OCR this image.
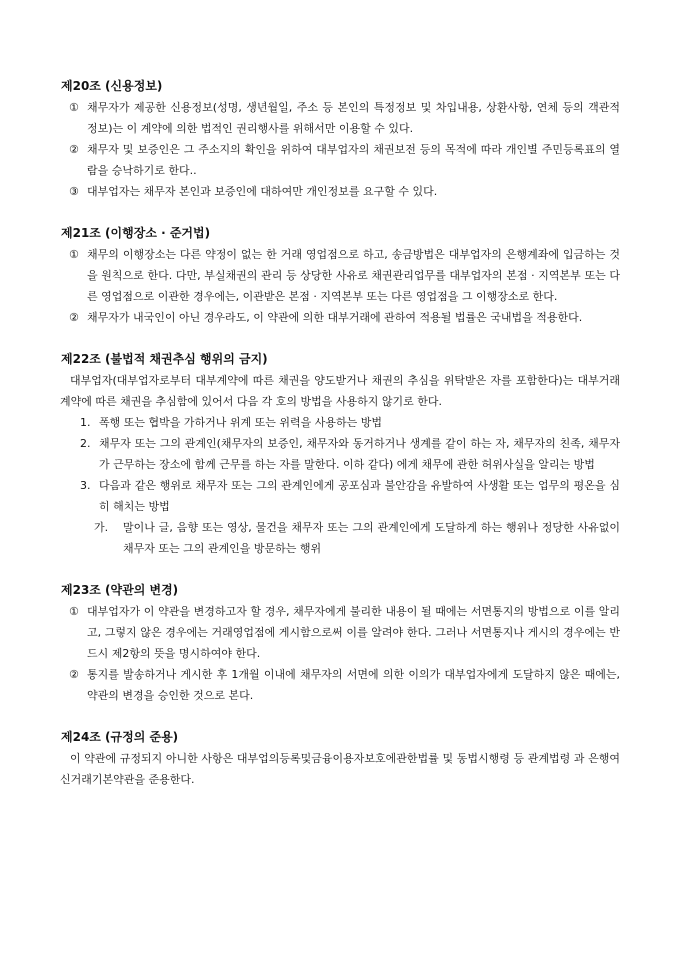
제20조 (신용정보)
① 채무자가 제공한 신용정보(성명, 생년월일, 주소 등 본인의 특정정보 및 차입내용, 상환사항, 연체 등의 객관적 정보)는 이 계약에 의한 법적인 권리행사를 위해서만 이용할 수 있다.
② 채무자 및 보증인은 그 주소지의 확인을 위하여 대부업자의 채권보전 등의 목적에 따라 개인별 주민등록표의 열람을 승낙하기로 한다..
③ 대부업자는 채무자 본인과 보증인에 대하여만 개인정보를 요구할 수 있다.
제21조 (이행장소 · 준거법)
① 채무의 이행장소는 다른 약정이 없는 한 거래 영업점으로 하고, 송금방법은 대부업자의 은행계좌에 입금하는 것을 원칙으로 한다. 다만, 부실채권의 관리 등 상당한 사유로 채권관리업무를 대부업자의 본점 · 지역본부 또는 다른 영업점으로 이관한 경우에는, 이관받은 본점 · 지역본부 또는 다른 영업점을 그 이행장소로 한다.
② 채무자가 내국인이 아닌 경우라도, 이 약관에 의한 대부거래에 관하여 적용될 법률은 국내법을 적용한다.
제22조 (불법적 채권추심 행위의 금지)

대부업자(대부업자로부터 대부계약에 따른 채권을 양도받거나 채권의 추심을 위탁받은 자를 포함한다)는 대부거래 계약에 따른 채권을 추심함에 있어서 다음 각 호의 방법을 사용하지 않기로 한다.

1. 폭행 또는 협박을 가하거나 위계 또는 위력을 사용하는 방법
2. 채무자 또는 그의 관계인(채무자의 보증인, 채무자와 동거하거나 생계를 같이 하는 자, 채무자의 친족, 채무자가 근무하는 장소에 함께 근무를 하는 자를 말한다. 이하 같다) 에게 채무에 관한 허위사실을 알리는 방법
3. 다음과 같은 행위로 채무자 또는 그의 관계인에게 공포심과 불안감을 유발하여 사생활 또는 업무의 평온을 심히 해치는 방법
가.	말이나 글, 음향 또는 영상, 물건을 채무자 또는 그의 관계인에게 도달하게 하는 행위나 정당한 사유없이 채무자 또는 그의 관계인을 방문하는 행위
제23조 (약관의 변경)
① 대부업자가 이 약관을 변경하고자 할 경우, 채무자에게 불리한 내용이 될 때에는 서면통지의 방법으로 이를 알리고, 그렇지 않은 경우에는 거래영업점에 게시함으로써 이를 알려야 한다. 그러나 서면통지나 게시의 경우에는 반드시 제2항의 뜻을 명시하여야 한다.
② 통지를 발송하거나 게시한 후 1개월 이내에 채무자의 서면에 의한 이의가 대부업자에게 도달하지 않은 때에는, 약관의 변경을 승인한 것으로 본다.
제24조 (규정의 준용)

이 약관에 규정되지 아니한 사항은 대부업의등록및금융이용자보호에관한법률 및 동법시행령 등 관계법령 과 은행여신거래기본약관을 준용한다.
